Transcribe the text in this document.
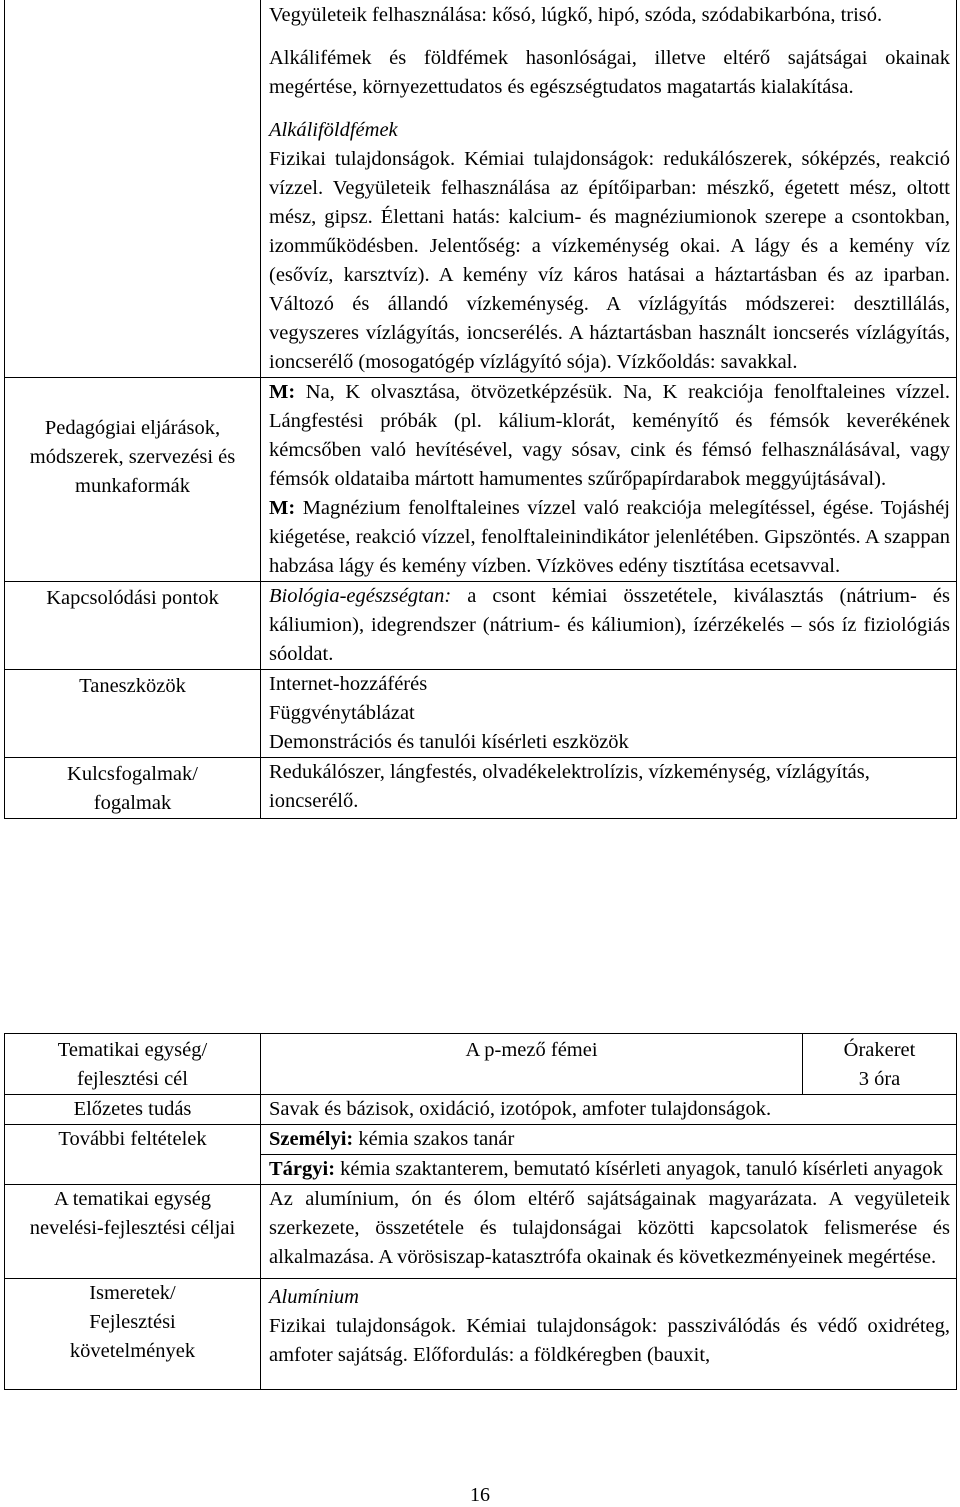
	Vegyületeik felhasználása: kősó, lúgkő, hipó, szóda, szódabikarbóna, trisó.

Alkálifémek és földfémek hasonlóságai, illetve eltérő sajátságai okainak megértése, környezettudatos és egészségtudatos magatartás kialakítása.

Alkáliföldfémek

Fizikai tulajdonságok. Kémiai tulajdonságok: redukálószerek, sóképzés, reakció vízzel. Vegyületeik felhasználása az építőiparban: mészkő, égetett mész, oltott mész, gipsz. Élettani hatás: kalcium- és magnéziumionok szerepe a csontokban, izomműködésben. Jelentőség: a vízkeménység okai. A lágy és a kemény víz (esővíz, karsztvíz). A kemény víz káros hatásai a háztartásban és az iparban. Változó és állandó vízkeménység. A vízlágyítás módszerei: desztillálás, vegyszeres vízlágyítás, ioncserélés. A háztartásban használt ioncserés vízlágyítás, ioncserélő (mosogatógép vízlágyító sója). Vízkőoldás: savakkal.

Pedagógiai eljárások, módszerek, szervezési és munkaformák	M: Na, K olvasztása, ötvözetképzésük. Na, K reakciója fenolftaleines vízzel. Lángfestési próbák (pl. kálium-klorát, keményítő és fémsók keverékének kémcsőben való hevítésével, vagy sósav, cink és fémsó felhasználásával, vagy fémsók oldataiba mártott hamumentes szűrőpapírdarabok meggyújtásával).

M: Magnézium fenolftaleines vízzel való reakciója melegítéssel, égése. Tojáshéj kiégetése, reakció vízzel, fenolftaleinindikátor jelenlétében. Gipszöntés. A szappan habzása lágy és kemény vízben. Vízköves edény tisztítása ecetsavval.

Kapcsolódási pontok	Biológia-egészségtan: a csont kémiai összetétele, kiválasztás (nátrium- és káliumion), idegrendszer (nátrium- és káliumion), ízérzékelés – sós íz fiziológiás sóoldat.

Taneszközök	Internet-hozzáférés

Függvénytáblázat

Demonstrációs és tanulói kísérleti eszközök

Kulcsfogalmak/ fogalmak	Redukálószer, lángfestés, olvadékelektrolízis, vízkeménység, vízlágyítás, ioncserélő.

Tematikai egység/ fejlesztési cél	A p-mező fémei	Órakeret
3 óra

Előzetes tudás	Savak és bázisok, oxidáció, izotópok, amfoter tulajdonságok.	

További feltételek	Személyi: kémia szakos tanár	

	Tárgyi: kémia szaktanterem, bemutató kísérleti anyagok, tanuló kísérleti anyagok	

A tematikai egység nevelési-fejlesztési céljai	Az alumínium, ón és ólom eltérő sajátságainak magyarázata. A vegyületeik szerkezete, összetétele és tulajdonságai közötti kapcsolatok felismerése és alkalmazása. A vörösiszap-katasztrófa okainak és következményeinek megértése.	

Ismeretek/ Fejlesztési követelmények	Alumínium

Fizikai tulajdonságok. Kémiai tulajdonságok: passziválódás és védő oxidréteg, amfoter sajátság. Előfordulás: a földkéregben (bauxit,	

16
